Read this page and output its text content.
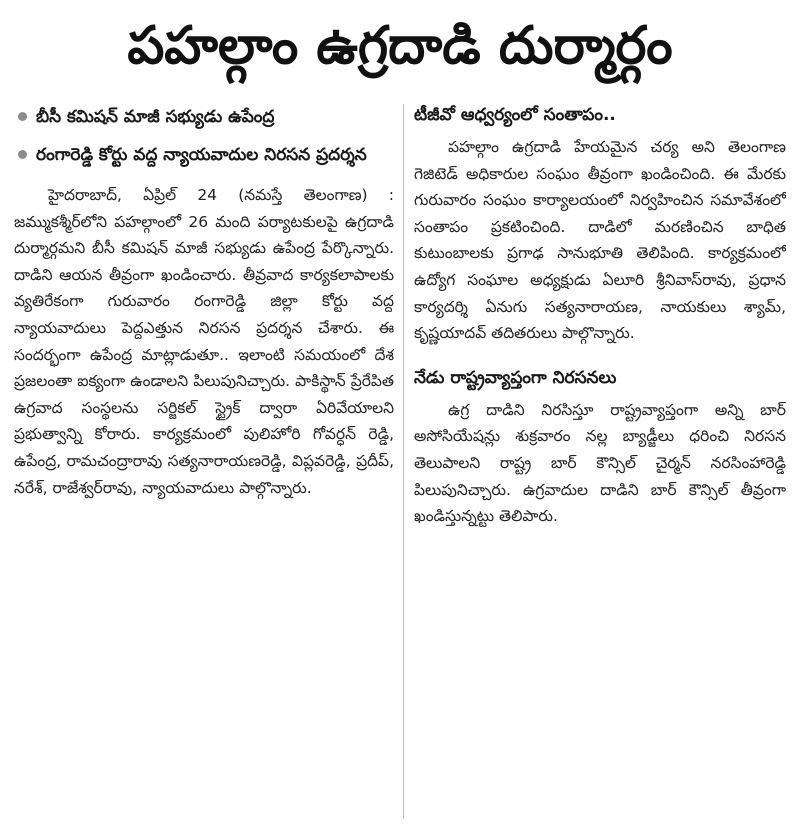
పహల్గాం ఉగ్రదాడి దుర్మార్గం
బీసీ కమిషన్ మాజీ సభ్యుడు ఉపేంద్ర
రంగారెడ్డి కోర్టు వద్ద న్యాయవాదుల నిరసన ప్రదర్శన

హైదరాబాద్, ఏప్రిల్ 24 (నమస్తే తెలంగాణ) : జమ్ముకశ్మీర్‌లోని పహల్గాంలో 26 మంది పర్యాటకులపై ఉగ్రదాడి దుర్మార్గమని బీసీ కమిషన్ మాజీ సభ్యుడు ఉపేంద్ర పేర్కొన్నారు. దాడిని ఆయన తీవ్రంగా ఖండించారు. తీవ్రవాద కార్యకలాపాలకు వ్యతిరేకంగా గురువారం రంగారెడ్డి జిల్లా కోర్టు వద్ద న్యాయవాదులు పెద్దఎత్తున నిరసన ప్రదర్శన చేశారు. ఈ సందర్భంగా ఉపేంద్ర మాట్లాడుతూ.. ఇలాంటి సమయంలో దేశ ప్రజలంతా ఐక్యంగా ఉండాలని పిలుపునిచ్చారు. పాకిస్థాన్ ప్రేరేపిత ఉగ్రవాద సంస్థలను సర్జికల్ స్ట్రైక్ ద్వారా ఏరివేయాలని ప్రభుత్వాన్ని కోరారు. కార్యక్రమంలో పులిహోరి గోవర్ధన్ రెడ్డి, ఉపేంద్ర, రామచంద్రారావు సత్యనారాయణరెడ్డి, విప్లవరెడ్డి, ప్రదీప్, నరేశ్, రాజేశ్వర్‌రావు, న్యాయవాదులు పాల్గొన్నారు.

టీజీవో ఆధ్వర్యంలో సంతాపం..

పహల్గాం ఉగ్రదాడి హేయమైన చర్య అని తెలంగాణ గెజిటెడ్ అధికారుల సంఘం తీవ్రంగా ఖండించింది. ఈ మేరకు గురువారం సంఘం కార్యాలయంలో నిర్వహించిన సమావేశంలో సంతాపం ప్రకటించింది. దాడిలో మరణించిన బాధిత కుటుంబాలకు ప్రగాఢ సానుభూతి తెలిపింది. కార్యక్రమంలో ఉద్యోగ సంఘాల అధ్యక్షుడు ఏలూరి శ్రీనివాస్‌రావు, ప్రధాన కార్యదర్శి ఏనుగు సత్యనారాయణ, నాయకులు శ్యామ్, కృష్ణయాదవ్ తదితరులు పాల్గొన్నారు.

నేడు రాష్ట్రవ్యాప్తంగా నిరసనలు

ఉగ్ర దాడిని నిరసిస్తూ రాష్ట్రవ్యాప్తంగా అన్ని బార్ అసోసియేషన్లు శుక్రవారం నల్ల బ్యాడ్జీలు ధరించి నిరసన తెలుపాలని రాష్ట్ర బార్ కౌన్సిల్ చైర్మన్ నరసింహారెడ్డి పిలుపునిచ్చారు. ఉగ్రవాదుల దాడిని బార్ కౌన్సిల్ తీవ్రంగా ఖండిస్తున్నట్టు తెలిపారు.
